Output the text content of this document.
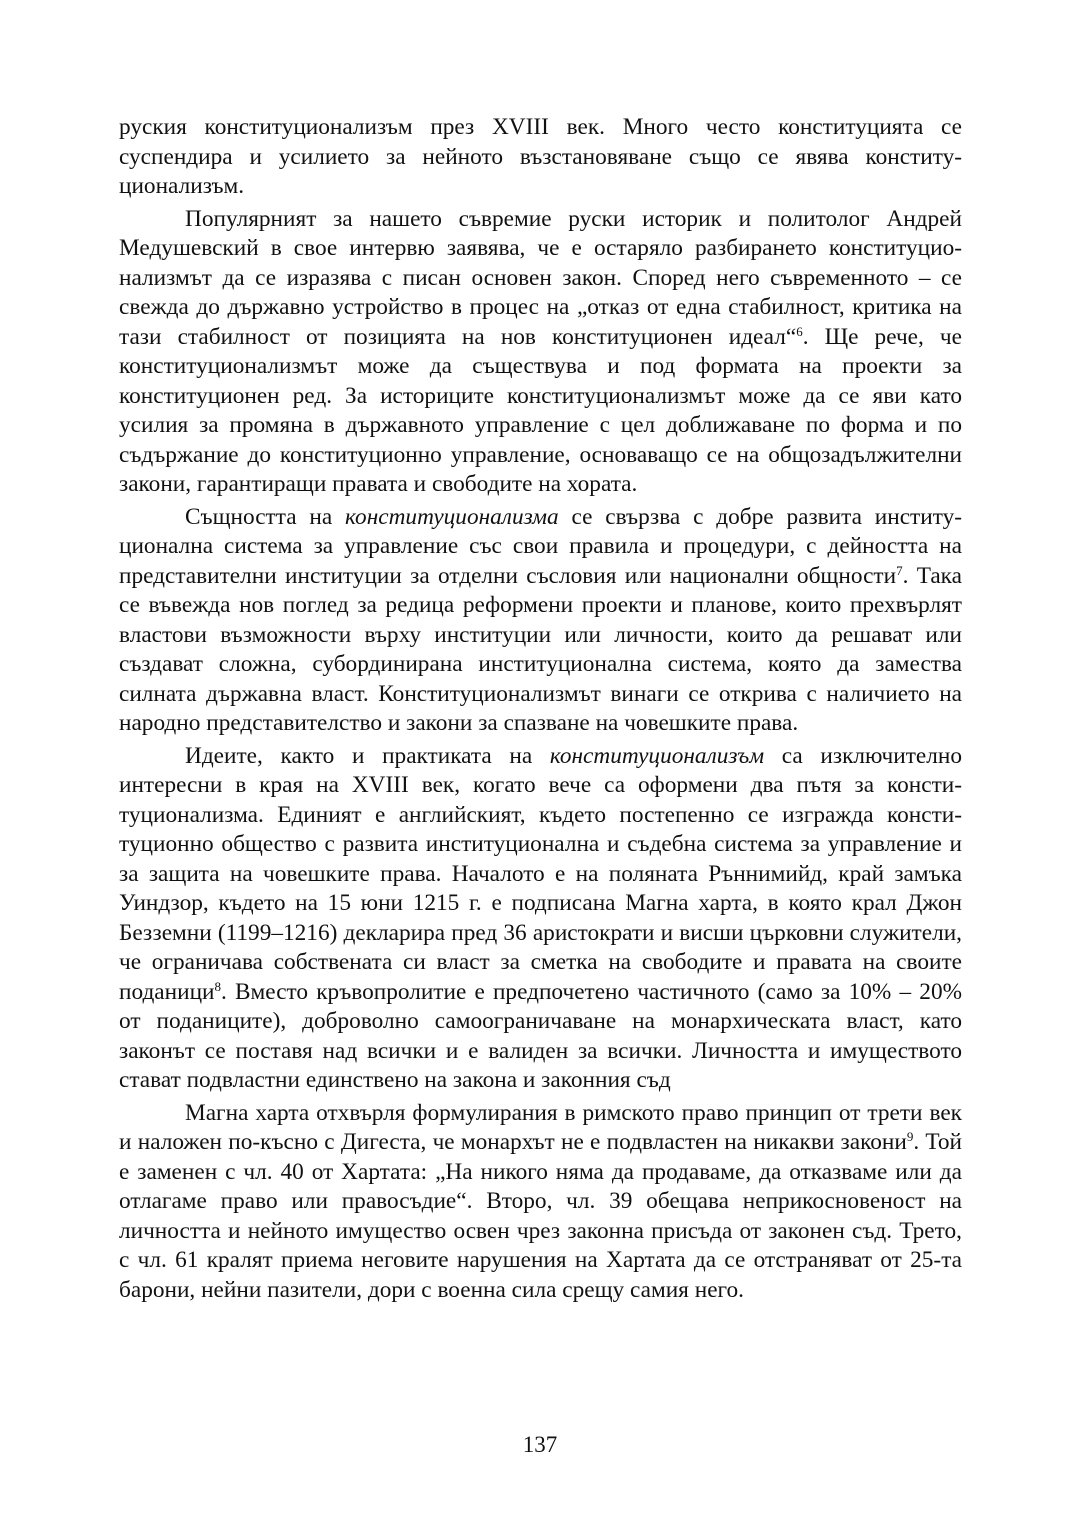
руския конституционализъм през XVIII век. Много често конституцията се суспендира и усилието за нейното възстановяване също се явява конституционализъм.

Популярният за нашето съвремие руски историк и политолог Андрей Медушевский в свое интервю заявява, че е остаряло разбирането конституционализмът да се изразява с писан основен закон. Според него съвременното – се свежда до държавно устройство в процес на „отказ от една стабилност, критика на тази стабилност от позицията на нов конституционен идеал“$^6$. Ще рече, че конституционализмът може да съществува и под формата на проекти за конституционен ред. За историците конституционализмът може да се яви като усилия за промяна в държавното управление с цел доближаване по форма и по съдържание до конституционно управление, основаващо се на общозадължителни закони, гарантиращи правата и свободите на хората.

Същността на конституционализма се свързва с добре развита институционална система за управление със свои правила и процедури, с дейността на представителни институции за отделни съсловия или национални общности$^7$. Така се въвежда нов поглед за редица реформени проекти и планове, които прехвърлят властови възможности върху институции или личности, които да решават или създават сложна, субординирана институционална система, която да замества силната държавна власт. Конституционализмът винаги се открива с наличието на народно представителство и закони за спазване на човешките права.

Идеите, както и практиката на конституционализъм са изключително интересни в края на XVIII век, когато вече са оформени два пътя за конституционализма. Единият е английският, където постепенно се изгражда конституционно общество с развита институционална и съдебна система за управление и за защита на човешките права. Началото е на поляната Ръннимийд, край замъка Уиндзор, където на 15 юни 1215 г. е подписана Магна харта, в която крал Джон Безземни (1199–1216) декларира пред 36 аристократи и висши църковни служители, че ограничава собствената си власт за сметка на свободите и правата на своите поданици$^8$. Вместо кръвопролитие е предпочетено частичното (само за 10% – 20% от поданиците), доброволно самоограничаване на монархическата власт, като законът се поставя над всички и е валиден за всички. Личността и имуществото стават подвластни единствено на закона и законния съд

Магна харта отхвърля формулирания в римското право принцип от трети век и наложен по-късно с Дигеста, че монархът не е подвластен на никакви закони$^9$. Той е заменен с чл. 40 от Хартата: „На никого няма да продаваме, да отказваме или да отлагаме право или правосъдие“. Второ, чл. 39 обещава неприкосновеност на личността и нейното имущество освен чрез законна присъда от законен съд. Трето, с чл. 61 кралят приема неговите нарушения на Хартата да се отстраняват от 25-та барони, нейни пазители, дори с военна сила срещу самия него.

137
